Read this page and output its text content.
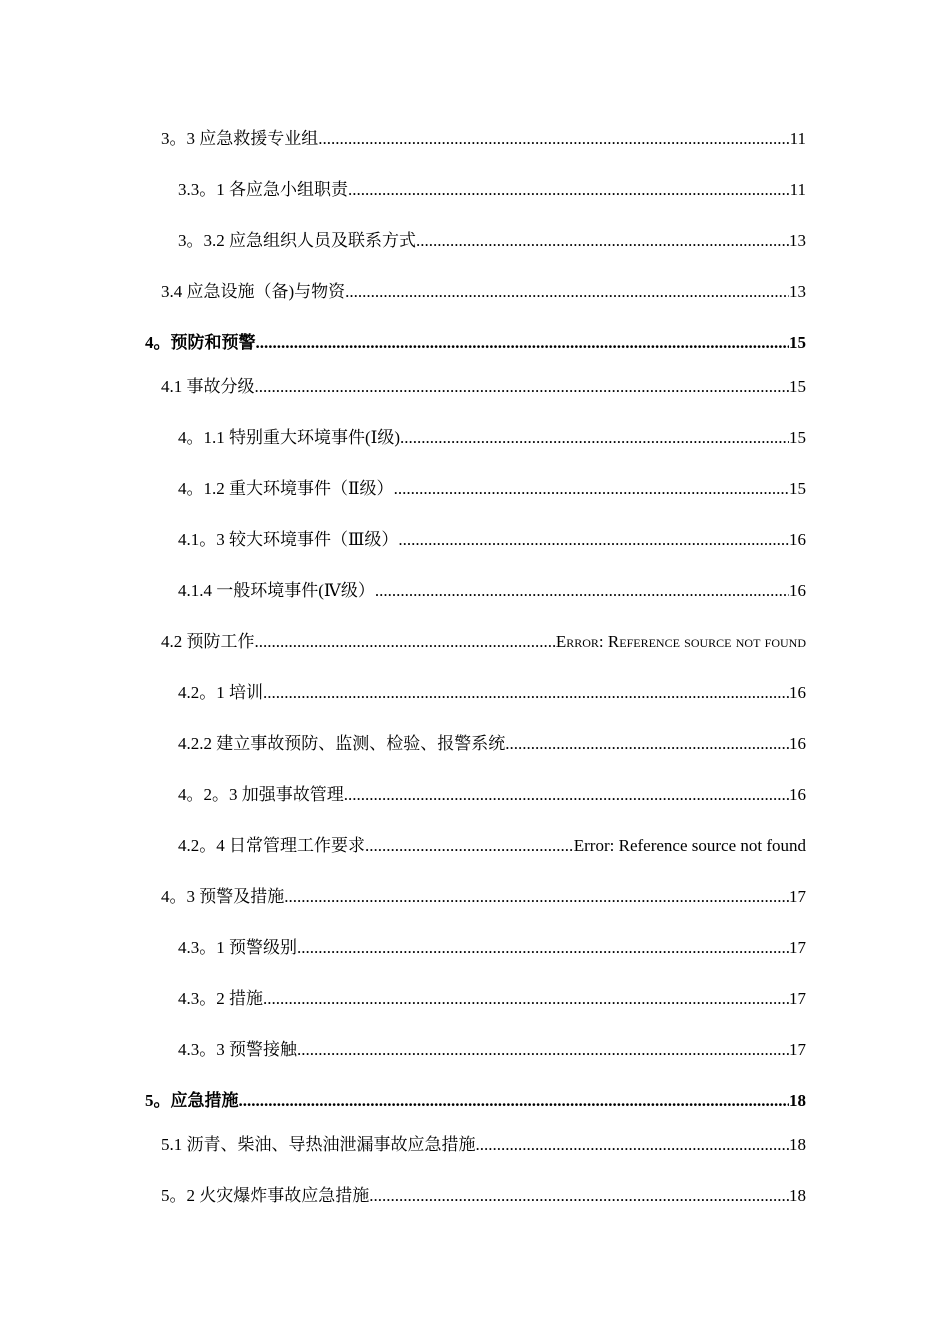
3。3 应急救援专业组 .....	11
3.3。1 各应急小组职责 .....	11
3。3.2 应急组织人员及联系方式 .....	13
3.4 应急设施（备)与物资 .....	13
4。预防和预警 .....	15
4.1 事故分级 .....	15
4。1.1 特别重大环境事件(Ⅰ级) .....	15
4。1.2 重大环境事件（Ⅱ级） .....	15
4.1。3 较大环境事件（Ⅲ级） .....	16
4.1.4 一般环境事件(Ⅳ级） .....	16
4.2 预防工作 .....	Error: Reference source not found
4.2。1 培训 .....	16
4.2.2 建立事故预防、监测、检验、报警系统 .....	16
4。2。3 加强事故管理 .....	16
4.2。4 日常管理工作要求 .....	Error: Reference source not found
4。3 预警及措施 .....	17
4.3。1 预警级别 .....	17
4.3。2 措施 .....	17
4.3。3 预警接触 .....	17
5。应急措施 .....	18
5.1 沥青、柴油、导热油泄漏事故应急措施 .....	18
5。2 火灾爆炸事故应急措施 .....	18
